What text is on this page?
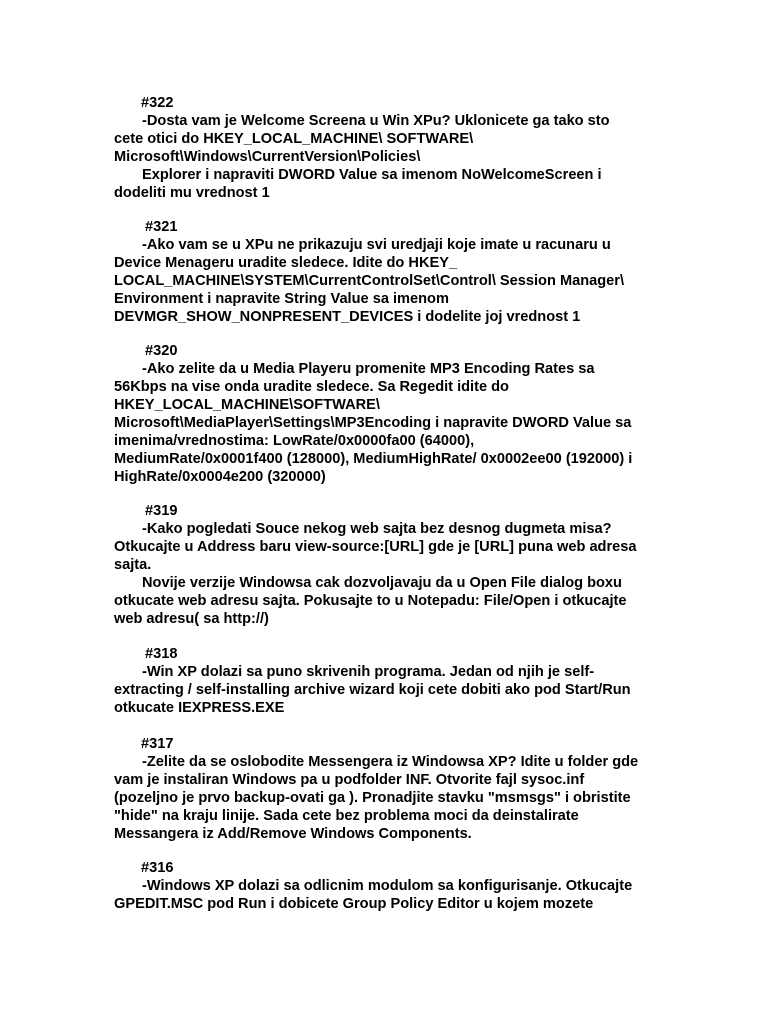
#322
-Dosta vam je Welcome Screena u Win XPu? Uklonicete ga tako sto
cete otici do HKEY_LOCAL_MACHINE\ SOFTWARE\
Microsoft\Windows\CurrentVersion\Policies\
Explorer i napraviti DWORD Value sa imenom NoWelcomeScreen i
dodeliti mu vrednost 1
#321
-Ako vam se u XPu ne prikazuju svi uredjaji koje imate u racunaru u
Device Menageru uradite sledece. Idite do HKEY_
LOCAL_MACHINE\SYSTEM\CurrentControlSet\Control\ Session Manager\
Environment i napravite String Value sa imenom
DEVMGR_SHOW_NONPRESENT_DEVICES i dodelite joj vrednost 1
#320
-Ako zelite da u Media Playeru promenite MP3 Encoding Rates sa
56Kbps na vise onda uradite sledece. Sa Regedit idite do
HKEY_LOCAL_MACHINE\SOFTWARE\
Microsoft\MediaPlayer\Settings\MP3Encoding i napravite DWORD Value sa
imenima/vrednostima: LowRate/0x0000fa00 (64000),
MediumRate/0x0001f400 (128000), MediumHighRate/ 0x0002ee00 (192000) i
HighRate/0x0004e200 (320000)
#319
-Kako pogledati Souce nekog web sajta bez desnog dugmeta misa?
Otkucajte u Address baru view-source:[URL] gde je [URL] puna web adresa
sajta.
Novije verzije Windowsa cak dozvoljavaju da u Open File dialog boxu
otkucate web adresu sajta. Pokusajte to u Notepadu: File/Open i otkucajte
web adresu( sa http://)
#318
-Win XP dolazi sa puno skrivenih programa. Jedan od njih je self-
extracting / self-installing archive wizard koji cete dobiti ako pod Start/Run
otkucate IEXPRESS.EXE
#317
-Zelite da se oslobodite Messengera iz Windowsa XP? Idite u folder gde
vam je instaliran Windows pa u podfolder INF. Otvorite fajl sysoc.inf
(pozeljno je prvo backup-ovati ga ). Pronadjite stavku "msmsgs" i obristite
"hide" na kraju linije. Sada cete bez problema moci da deinstalirate
Messangera iz Add/Remove Windows Components.
#316
-Windows XP dolazi sa odlicnim modulom sa konfigurisanje. Otkucajte
GPEDIT.MSC pod Run i dobicete Group Policy Editor u kojem mozete
